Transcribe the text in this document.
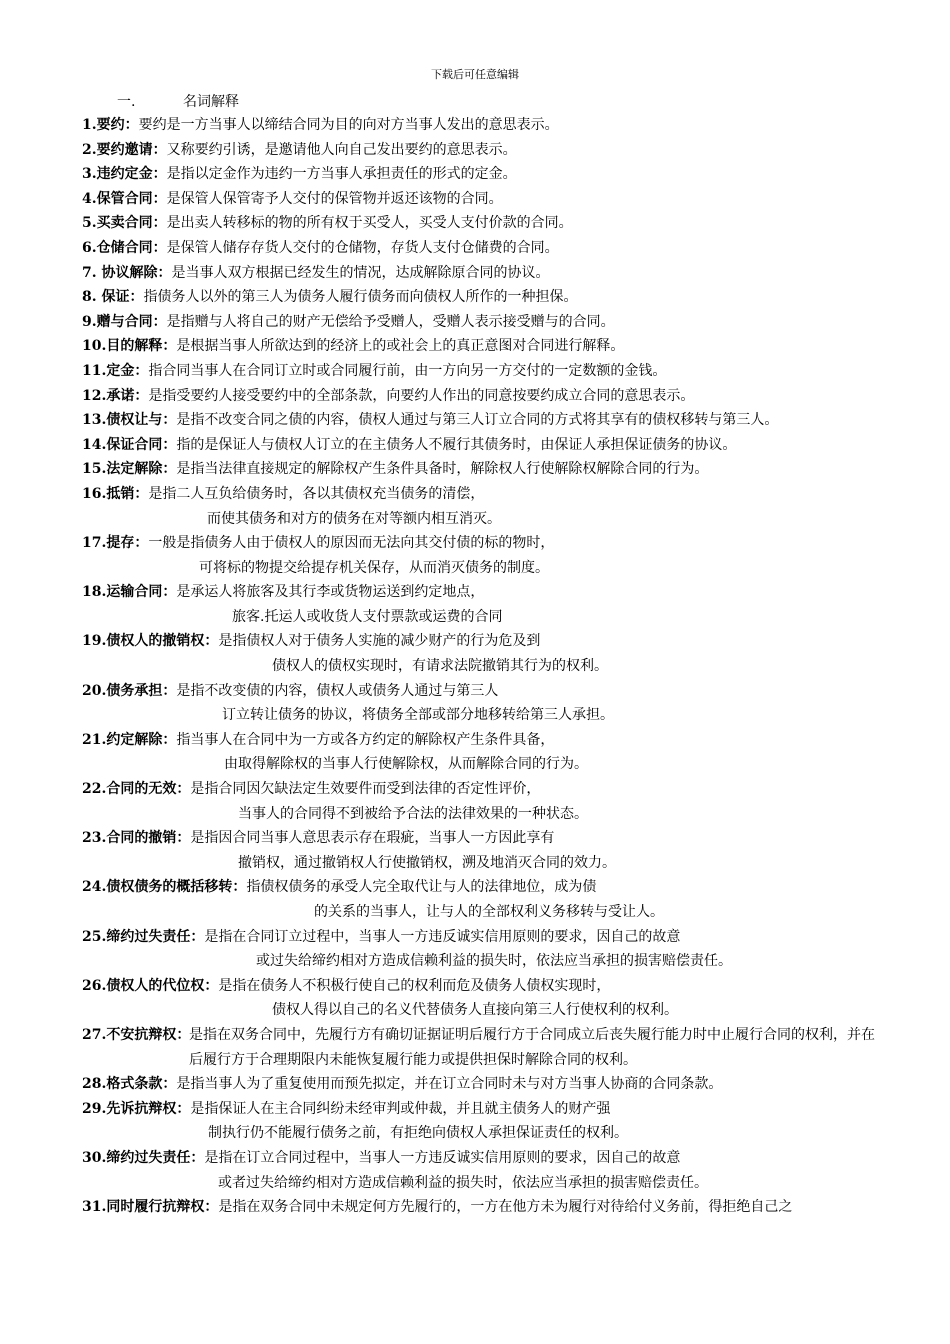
下载后可任意编辑
一.	名词解释
1.要约：要约是一方当事人以缔结合同为目的向对方当事人发出的意思表示。
2.要约邀请：又称要约引诱，是邀请他人向自己发出要约的意思表示。
3.违约定金：是指以定金作为违约一方当事人承担责任的形式的定金。
4.保管合同：是保管人保管寄予人交付的保管物并返还该物的合同。
5.买卖合同：是出卖人转移标的物的所有权于买受人，买受人支付价款的合同。
6.仓储合同：是保管人储存存货人交付的仓储物，存货人支付仓储费的合同。
7. 协议解除：是当事人双方根据已经发生的情况，达成解除原合同的协议。
8. 保证：指债务人以外的第三人为债务人履行债务而向债权人所作的一种担保。
9.赠与合同：是指赠与人将自己的财产无偿给予受赠人，受赠人表示接受赠与的合同。
10.目的解释：是根据当事人所欲达到的经济上的或社会上的真正意图对合同进行解释。
11.定金：指合同当事人在合同订立时或合同履行前，由一方向另一方交付的一定数额的金钱。
12.承诺：是指受要约人接受要约中的全部条款，向要约人作出的同意按要约成立合同的意思表示。
13.债权让与：是指不改变合同之债的内容，债权人通过与第三人订立合同的方式将其享有的债权移转与第三人。
14.保证合同：指的是保证人与债权人订立的在主债务人不履行其债务时，由保证人承担保证债务的协议。
15.法定解除：是指当法律直接规定的解除权产生条件具备时，解除权人行使解除权解除合同的行为。
16.抵销：是指二人互负给债务时，各以其债权充当债务的清偿，
而使其债务和对方的债务在对等额内相互消灭。
17.提存：一般是指债务人由于债权人的原因而无法向其交付债的标的物时，
可将标的物提交给提存机关保存，从而消灭债务的制度。
18.运输合同：是承运人将旅客及其行李或货物运送到约定地点，
旅客.托运人或收货人支付票款或运费的合同
19.债权人的撤销权：是指债权人对于债务人实施的减少财产的行为危及到
债权人的债权实现时，有请求法院撤销其行为的权利。
20.债务承担：是指不改变债的内容，债权人或债务人通过与第三人
订立转让债务的协议，将债务全部或部分地移转给第三人承担。
21.约定解除：指当事人在合同中为一方或各方约定的解除权产生条件具备，
由取得解除权的当事人行使解除权，从而解除合同的行为。
22.合同的无效：是指合同因欠缺法定生效要件而受到法律的否定性评价，
当事人的合同得不到被给予合法的法律效果的一种状态。
23.合同的撤销：是指因合同当事人意思表示存在瑕疵，当事人一方因此享有
撤销权，通过撤销权人行使撤销权，溯及地消灭合同的效力。
24.债权债务的概括移转：指债权债务的承受人完全取代让与人的法律地位，成为债
的关系的当事人，让与人的全部权利义务移转与受让人。
25.缔约过失责任：是指在合同订立过程中，当事人一方违反诚实信用原则的要求，因自己的故意
或过失给缔约相对方造成信赖利益的损失时，依法应当承担的损害赔偿责任。
26.债权人的代位权：是指在债务人不积极行使自己的权利而危及债务人债权实现时，
债权人得以自己的名义代替债务人直接向第三人行使权利的权利。
27.不安抗辩权：
是指在双务合同中，先履行方有确切证据证明后履行方于合同成立后丧失履行能力时中止履行合同的权利，并在后履行方于合理期限内未能恢复履行能力或提供担保时解除合同的权利。
28.格式条款：是指当事人为了重复使用而预先拟定，并在订立合同时未与对方当事人协商的合同条款。
29.先诉抗辩权：是指保证人在主合同纠纷未经审判或仲裁，并且就主债务人的财产强
制执行仍不能履行债务之前，有拒绝向债权人承担保证责任的权利。
30.缔约过失责任：是指在订立合同过程中，当事人一方违反诚实信用原则的要求，因自己的故意
或者过失给缔约相对方造成信赖利益的损失时，依法应当承担的损害赔偿责任。
31.同时履行抗辩权：是指在双务合同中未规定何方先履行的，一方在他方未为履行对待给付义务前，得拒绝自己之
